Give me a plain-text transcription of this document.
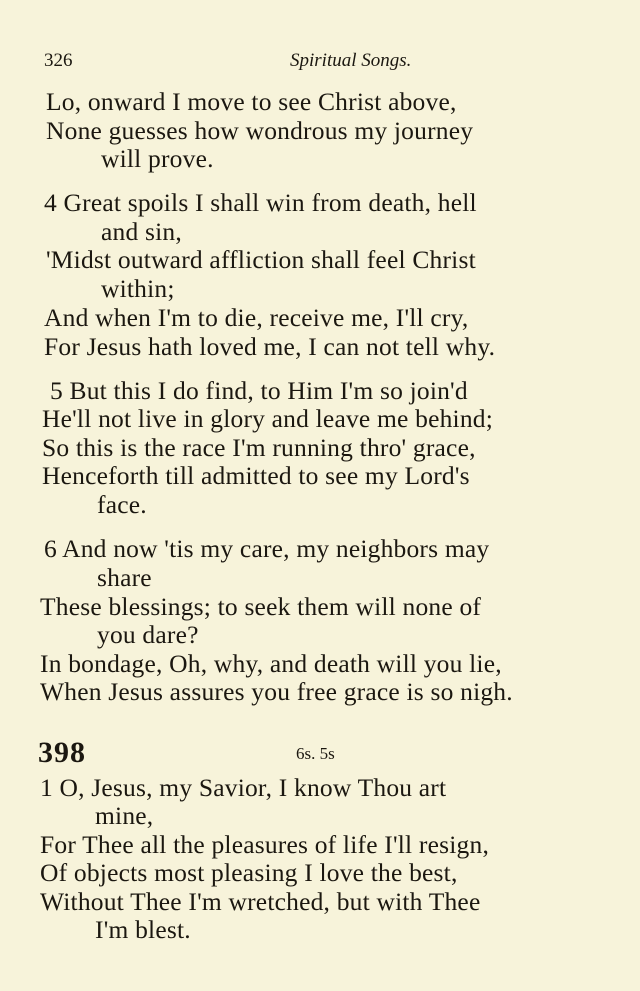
326	Spiritual Songs.
Lo, onward I move to see Christ above,
None guesses how wondrous my journey
will prove.
4 Great spoils I shall win from death, hell
and sin,
'Midst outward affliction shall feel Christ
within;
And when I'm to die, receive me, I'll cry,
For Jesus hath loved me, I can not tell why.
5 But this I do find, to Him I'm so join'd
He'll not live in glory and leave me behind;
So this is the race I'm running thro' grace,
Henceforth till admitted to see my Lord's
face.
6 And now 'tis my care, my neighbors may
share
These blessings; to seek them will none of
you dare?
In bondage, Oh, why, and death will you lie,
When Jesus assures you free grace is so nigh.
398	6s. 5s
1 O, Jesus, my Savior, I know Thou art
mine,
For Thee all the pleasures of life I'll resign,
Of objects most pleasing I love the best,
Without Thee I'm wretched, but with Thee
I'm blest.
